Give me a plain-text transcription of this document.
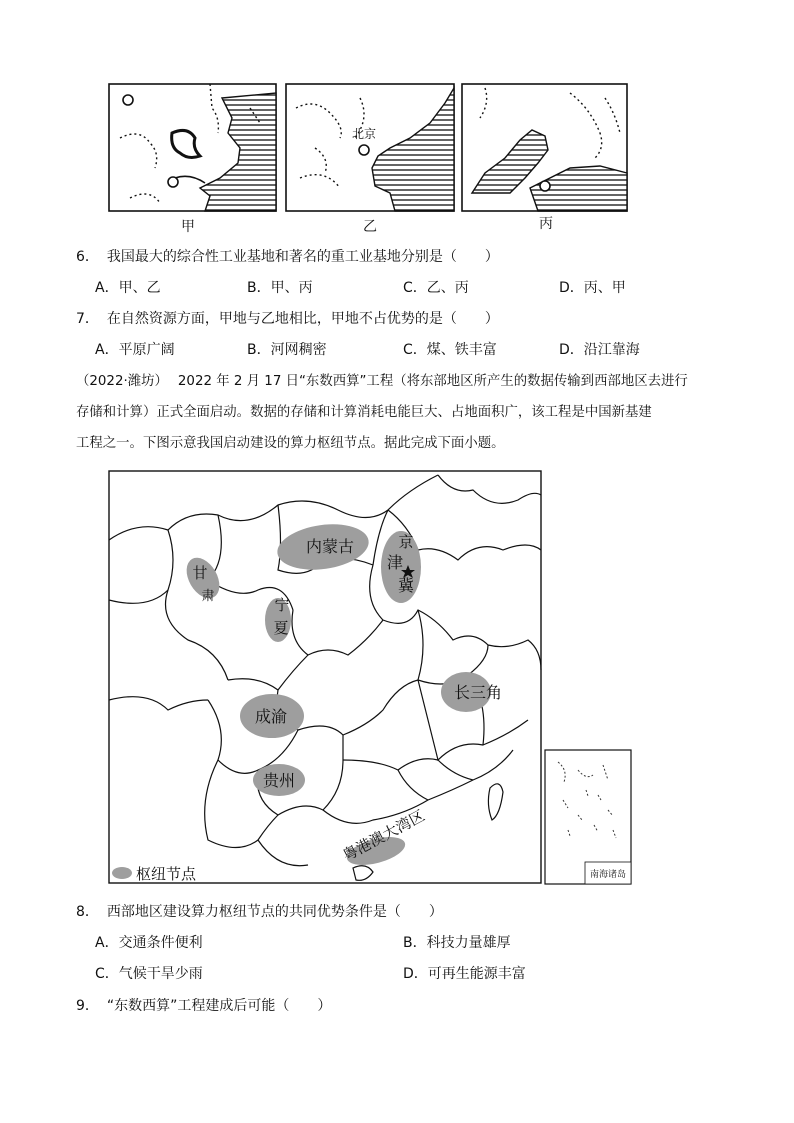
甲
北京
乙	丙
6． 我国最大的综合性工业基地和著名的重工业基地分别是（　　）
A．甲、乙	B．甲、丙	C．乙、丙	D．丙、甲
7． 在自然资源方面，甲地与乙地相比，甲地不占优势的是（　　）
A．平原广阔	B．河网稠密	C．煤、铁丰富	D．沿江靠海
（2022·潍坊） 2022 年 2 月 17 日“东数西算”工程（将东部地区所产生的数据传输到西部地区去进行
存储和计算）正式全面启动。数据的存储和计算消耗电能巨大、占地面积广，该工程是中国新基建
工程之一。下图示意我国启动建设的算力枢纽节点。据此完成下面小题。
甘
肃
内蒙古	京
津
冀
宁
夏
长三角
成渝
贵州
粤港澳大湾区
枢纽节点	南海诸岛
8． 西部地区建设算力枢纽节点的共同优势条件是（　　）
A．交通条件便利	B．科技力量雄厚
C．气候干旱少雨	D．可再生能源丰富
9． “东数西算”工程建成后可能（　　）
